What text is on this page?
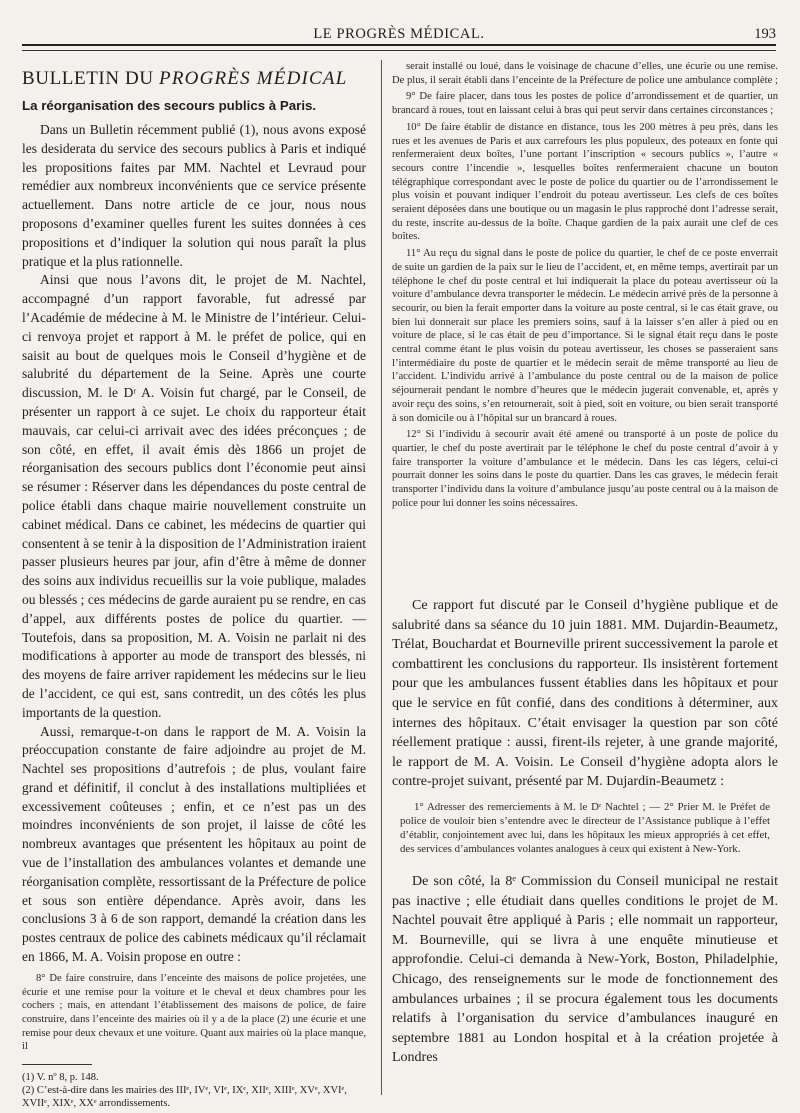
LE PROGRÈS MÉDICAL.	193
BULLETIN DU PROGRÈS MÉDICAL
La réorganisation des secours publics à Paris.

Dans un Bulletin récemment publié (1), nous avons exposé les desiderata du service des secours publics à Paris et indiqué les propositions faites par MM. Nachtel et Levraud pour remédier aux nombreux inconvénients que ce service présente actuellement. Dans notre article de ce jour, nous nous proposons d’examiner quelles furent les suites données à ces propositions et d’indiquer la solution qui nous paraît la plus pratique et la plus rationnelle.

Ainsi que nous l’avons dit, le projet de M. Nachtel, accompagné d’un rapport favorable, fut adressé par l’Académie de médecine à M. le Ministre de l’intérieur. Celui-ci renvoya projet et rapport à M. le préfet de police, qui en saisit au bout de quelques mois le Conseil d’hygiène et de salubrité du département de la Seine. Après une courte discussion, M. le Dʳ A. Voisin fut chargé, par le Conseil, de présenter un rapport à ce sujet. Le choix du rapporteur était mauvais, car celui-ci arrivait avec des idées préconçues ; de son côté, en effet, il avait émis dès 1866 un projet de réorganisation des secours publics dont l’économie peut ainsi se résumer : Réserver dans les dépendances du poste central de police établi dans chaque mairie nouvellement construite un cabinet médical. Dans ce cabinet, les médecins de quartier qui consentent à se tenir à la disposition de l’Administration iraient passer plusieurs heures par jour, afin d’être à même de donner des soins aux individus recueillis sur la voie publique, malades ou blessés ; ces médecins de garde auraient pu se rendre, en cas d’appel, aux différents postes de police du quartier. — Toutefois, dans sa proposition, M. A. Voisin ne parlait ni des modifications à apporter au mode de transport des blessés, ni des moyens de faire arriver rapidement les médecins sur le lieu de l’accident, ce qui est, sans contredit, un des côtés les plus importants de la question.

Aussi, remarque-t-on dans le rapport de M. A. Voisin la préoccupation constante de faire adjoindre au projet de M. Nachtel ses propositions d’autrefois ; de plus, voulant faire grand et définitif, il conclut à des installations multipliées et excessivement coûteuses ; enfin, et ce n’est pas un des moindres inconvénients de son projet, il laisse de côté les nombreux avantages que présentent les hôpitaux au point de vue de l’installation des ambulances volantes et demande une réorganisation complète, ressortissant de la Préfecture de police et sous son entière dépendance. Après avoir, dans les conclusions 3 à 6 de son rapport, demandé la création dans les postes centraux de police des cabinets médicaux qu’il réclamait en 1866, M. A. Voisin propose en outre :

8° De faire construire, dans l’enceinte des maisons de police projetées, une écurie et une remise pour la voiture et le cheval et deux chambres pour les cochers ; mais, en attendant l’établissement des maisons de police, de faire construire, dans l’enceinte des mairies où il y a de la place (2) une écurie et une remise pour deux chevaux et une voiture. Quant aux mairies où la place manque, il

(1) V. nº 8, p. 148.

(2) C’est-à-dire dans les mairies des IIIᵉ, IVᵉ, VIᵉ, IXᵉ, XIIᵉ, XIIIᵉ, XVᵉ, XVIᵉ, XVIIᵉ, XIXᵉ, XXᵉ arrondissements.

serait installé ou loué, dans le voisinage de chacune d’elles, une écurie ou une remise. De plus, il serait établi dans l’enceinte de la Préfecture de police une ambulance complète ;

9° De faire placer, dans tous les postes de police d’arrondissement et de quartier, un brancard à roues, tout en laissant celui à bras qui peut servir dans certaines circonstances ;

10° De faire établir de distance en distance, tous les 200 mètres à peu près, dans les rues et les avenues de Paris et aux carrefours les plus populeux, des poteaux en fonte qui renfermeraient deux boîtes, l’une portant l’inscription « secours publics », l’autre « secours contre l’incendie », lesquelles boîtes renfermeraient chacune un bouton télégraphique correspondant avec le poste de police du quartier ou de l’arrondissement le plus voisin et pouvant indiquer l’endroit du poteau avertisseur. Les clefs de ces boîtes seraient déposées dans une boutique ou un magasin le plus rapproché dont l’adresse serait, du reste, inscrite au-dessus de la boîte. Chaque gardien de la paix aurait une clef de ces boîtes.

11° Au reçu du signal dans le poste de police du quartier, le chef de ce poste enverrait de suite un gardien de la paix sur le lieu de l’accident, et, en même temps, avertirait par un téléphone le chef du poste central et lui indiquerait la place du poteau avertisseur où la voiture d’ambulance devra transporter le médecin. Le médecin arrivé près de la personne à secourir, ou bien la ferait emporter dans la voiture au poste central, si le cas était grave, ou bien lui donnerait sur place les premiers soins, sauf à la laisser s’en aller à pied ou en voiture de place, si le cas était de peu d’importance. Si le signal était reçu dans le poste central comme étant le plus voisin du poteau avertisseur, les choses se passeraient sans l’intermédiaire du poste de quartier et le médecin serait de même transporté au lieu de l’accident. L’individu arrivé à l’ambulance du poste central ou de la maison de police séjournerait pendant le nombre d’heures que le médecin jugerait convenable, et, après y avoir reçu des soins, s’en retournerait, soit à pied, soit en voiture, ou bien serait transporté à son domicile ou à l’hôpital sur un brancard à roues.

12° Si l’individu à secourir avait été amené ou transporté à un poste de police du quartier, le chef du poste avertirait par le téléphone le chef du poste central d’avoir à y faire transporter la voiture d’ambulance et le médecin. Dans les cas légers, celui-ci pourrait donner les soins dans le poste du quartier. Dans les cas graves, le médecin ferait transporter l’individu dans la voiture d’ambulance jusqu’au poste central ou à la maison de police pour lui donner les soins nécessaires.

Ce rapport fut discuté par le Conseil d’hygiène publique et de salubrité dans sa séance du 10 juin 1881. MM. Dujardin-Beaumetz, Trélat, Bouchardat et Bourneville prirent successivement la parole et combattirent les conclusions du rapporteur. Ils insistèrent fortement pour que les ambulances fussent établies dans les hôpitaux et pour que le service en fût confié, dans des conditions à déterminer, aux internes des hôpitaux. C’était envisager la question par son côté réellement pratique : aussi, firent-ils rejeter, à une grande majorité, le rapport de M. A. Voisin. Le Conseil d’hygiène adopta alors le contre-projet suivant, présenté par M. Dujardin-Beaumetz :

1° Adresser des remerciements à M. le Dʳ Nachtel ; — 2° Prier M. le Préfet de police de vouloir bien s’entendre avec le directeur de l’Assistance publique à l’effet d’établir, conjointement avec lui, dans les hôpitaux les mieux appropriés à cet effet, des services d’ambulances volantes analogues à ceux qui existent à New-York.

De son côté, la 8ᵉ Commission du Conseil municipal ne restait pas inactive ; elle étudiait dans quelles conditions le projet de M. Nachtel pouvait être appliqué à Paris ; elle nommait un rapporteur, M. Bourneville, qui se livra à une enquête minutieuse et approfondie. Celui-ci demanda à New-York, Boston, Philadelphie, Chicago, des renseignements sur le mode de fonctionnement des ambulances urbaines ; il se procura également tous les documents relatifs à l’organisation du service d’ambulances inauguré en septembre 1881 au London hospital et à la création projetée à Londres
